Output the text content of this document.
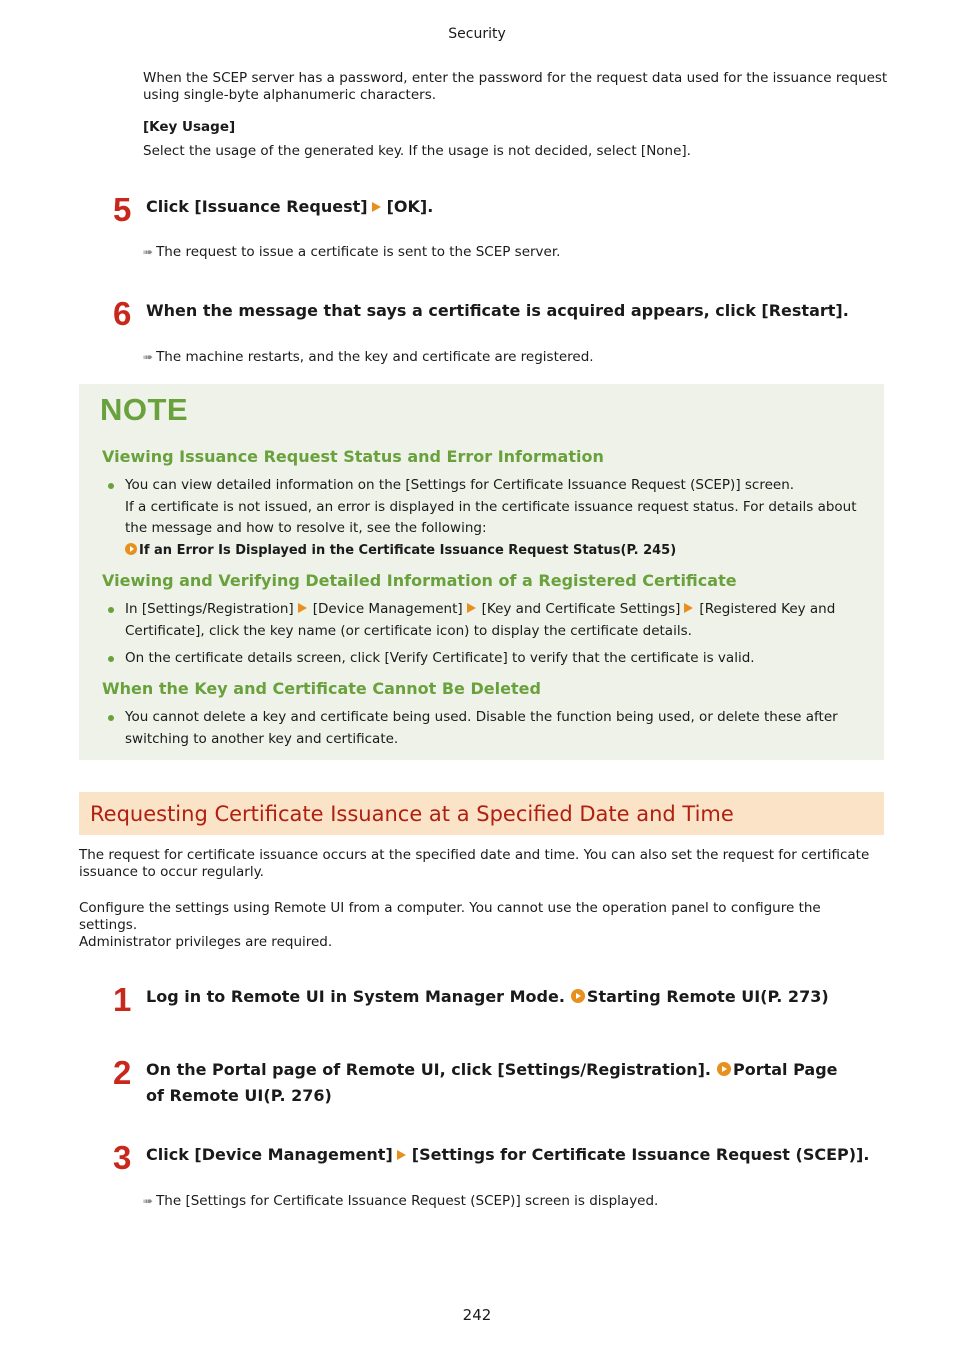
Security
When the SCEP server has a password, enter the password for the request data used for the issuance request using single-byte alphanumeric characters.
[Key Usage]
Select the usage of the generated key. If the usage is not decided, select [None].
5 Click [Issuance Request] [OK].
➠ The request to issue a certificate is sent to the SCEP server.
6 When the message that says a certificate is acquired appears, click [Restart].
➠ The machine restarts, and the key and certificate are registered.
NOTE
Viewing Issuance Request Status and Error Information
You can view detailed information on the [Settings for Certificate Issuance Request (SCEP)] screen.
If a certificate is not issued, an error is displayed in the certificate issuance request status. For details about the message and how to resolve it, see the following:
If an Error Is Displayed in the Certificate Issuance Request Status(P. 245)
Viewing and Verifying Detailed Information of a Registered Certificate
In [Settings/Registration] [Device Management] [Key and Certificate Settings] [Registered Key and Certificate], click the key name (or certificate icon) to display the certificate details.
On the certificate details screen, click [Verify Certificate] to verify that the certificate is valid.
When the Key and Certificate Cannot Be Deleted
You cannot delete a key and certificate being used. Disable the function being used, or delete these after switching to another key and certificate.
Requesting Certificate Issuance at a Specified Date and Time
The request for certificate issuance occurs at the specified date and time. You can also set the request for certificate issuance to occur regularly.
Configure the settings using Remote UI from a computer. You cannot use the operation panel to configure the settings.
Administrator privileges are required.
1 Log in to Remote UI in System Manager Mode. Starting Remote UI(P. 273)
2 On the Portal page of Remote UI, click [Settings/Registration]. Portal Page of Remote UI(P. 276)
3 Click [Device Management] [Settings for Certificate Issuance Request (SCEP)].
➠ The [Settings for Certificate Issuance Request (SCEP)] screen is displayed.
242
